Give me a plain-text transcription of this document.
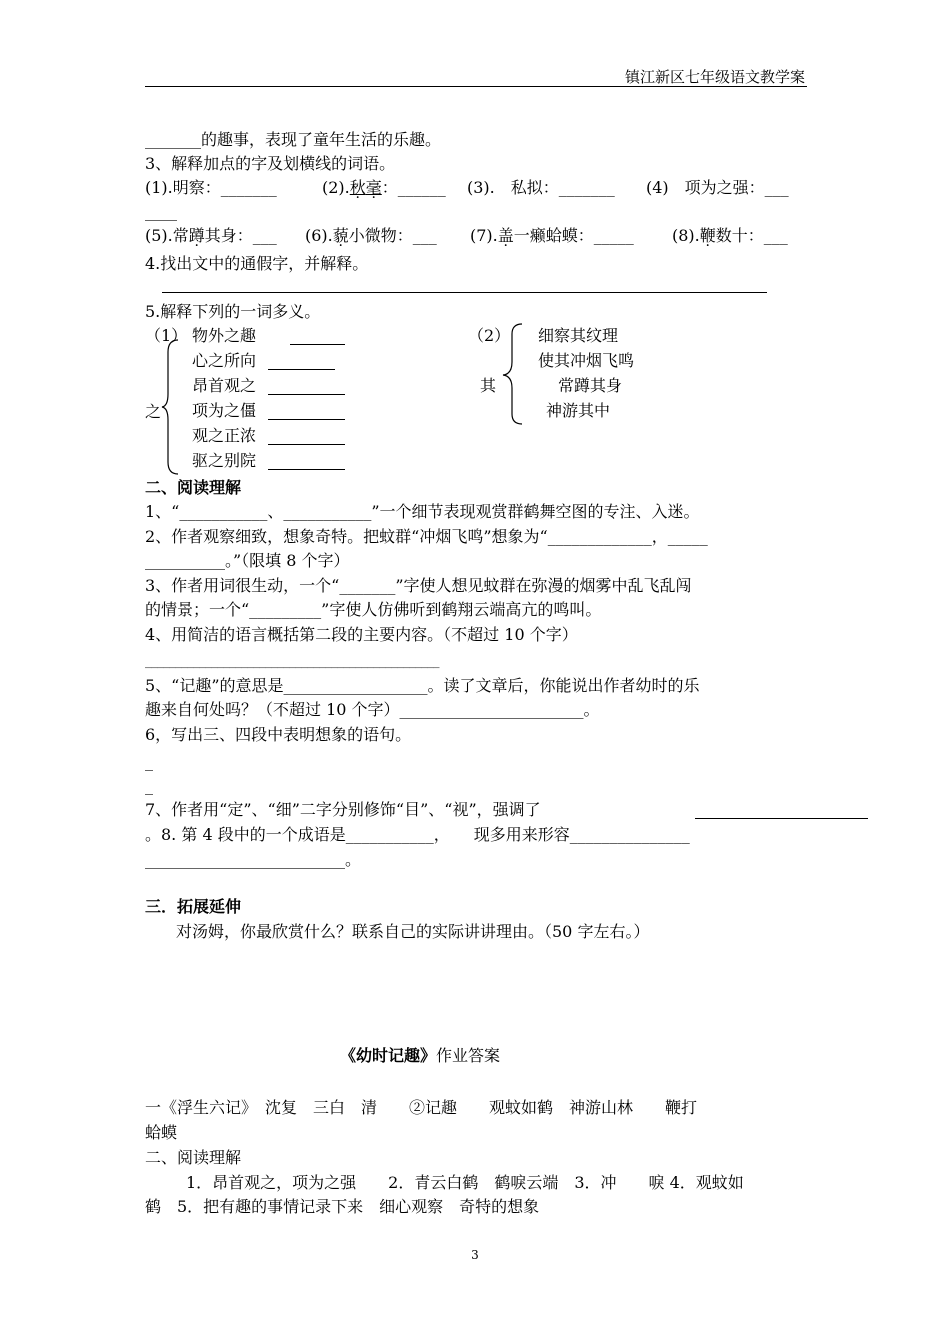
镇江新区七年级语文教学案
_______的趣事，表现了童年生活的乐趣。
3、解释加点的字及划横线的词语。
(1).明察：_______	(2).秋毫：______ (3).　 私拟：_______ (4)　项为之强：___
____
(5).常蹲其身：___ (6).藐小微物：___ (7).盖一癞蛤蟆：_____ (8).鞭数十：___
4.找出文中的通假字，并解释。
5.解释下列的一词多义。
（1）
之
物外之趣
心之所向
昂首观之
项为之僵
观之正浓
驱之别院
（2）
其
细察其纹理
使其冲烟飞鸣
常蹲其身
神游其中
二、阅读理解
1、“___________、___________”一个细节表现观赏群鹤舞空图的专注、入迷。
2、作者观察细致，想象奇特。把蚊群“冲烟飞鸣”想象为“_____________，_____
__________。”（限填 8 个字）
3、作者用词很生动，一个“_______”字使人想见蚊群在弥漫的烟雾中乱飞乱闯
的情景；一个“_________”字使人仿佛听到鹤翔云端高亢的鸣叫。
4、用简洁的语言概括第二段的主要内容。（不超过 10 个字）
_________________________________________________
5、“记趣”的意思是__________________。读了文章后，你能说出作者幼时的乐
趣来自何处吗？（不超过 10 个字）_______________________。
6，写出三、四段中表明想象的语句。
_
_
7、作者用“定”、“细”二字分别修饰“目”、“视”，强调了
。8. 第 4 段中的一个成语是___________，　　现多用来形容_______________
_________________________。
三．拓展延伸
对汤姆，你最欣赏什么？联系自己的实际讲讲理由。（50 字左右。）
《幼时记趣》作业答案
一《浮生六记》　沈复　三白　清　　②记趣　　观蚊如鹤　神游山林　　鞭打
蛤蟆
二、阅读理解
1．昂首观之，项为之强　　2．青云白鹤　鹤唳云端　3．冲　　唳 4．观蚊如
鹤　5．把有趣的事情记录下来　细心观察　奇特的想象
3
